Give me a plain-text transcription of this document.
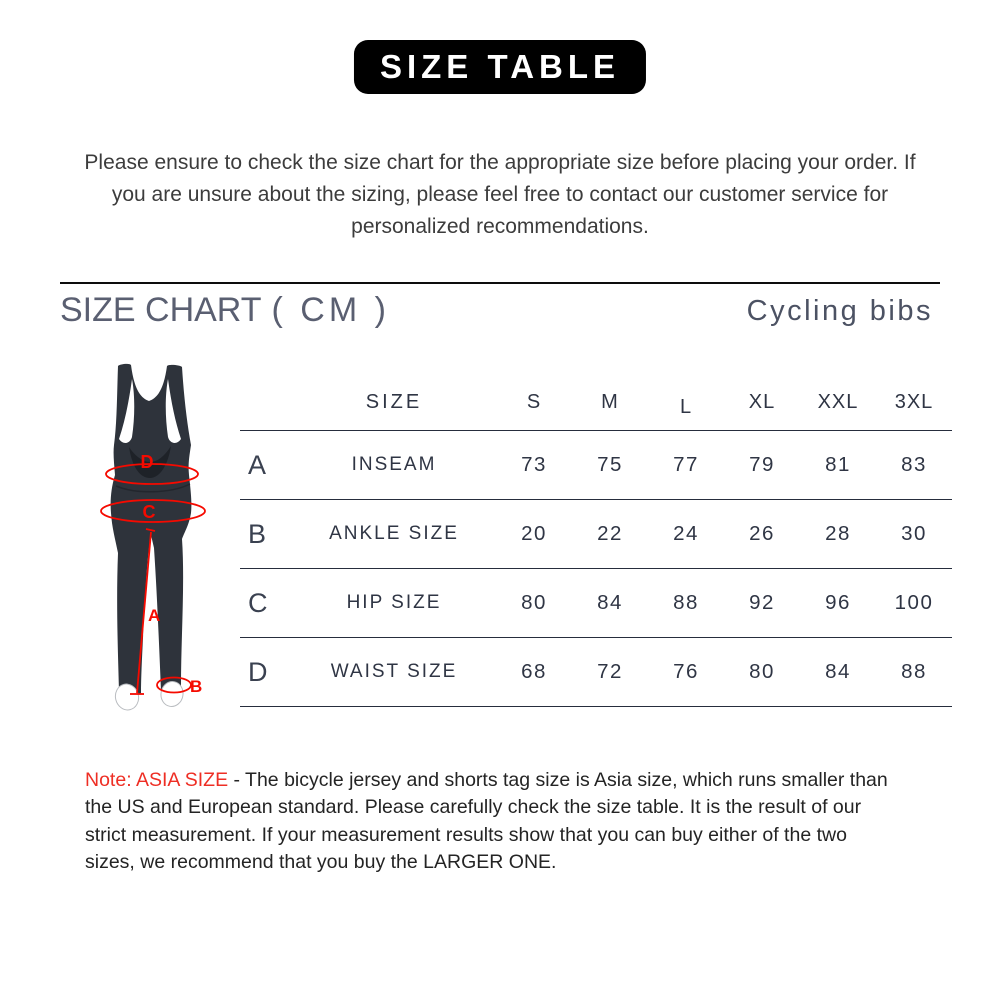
SIZE TABLE

Please ensure to check the size chart for the appropriate size before placing your order. If you are unsure about the sizing, please feel free to contact our customer service for personalized recommendations.

SIZE CHART ( CM )	Cycling bibs
D
C
A
B
SIZE	S	M	L	XL	XXL	3XL
A	INSEAM	73	75	77	79	81	83
B	ANKLE SIZE	20	22	24	26	28	30
C	HIP SIZE	80	84	88	92	96	100
D	WAIST SIZE	68	72	76	80	84	88

Note: ASIA SIZE - The bicycle jersey and shorts tag size is Asia size, which runs smaller than the US and European standard. Please carefully check the size table. It is the result of our strict measurement. If your measurement results show that you can buy either of the two sizes, we recommend that you buy the LARGER ONE.
